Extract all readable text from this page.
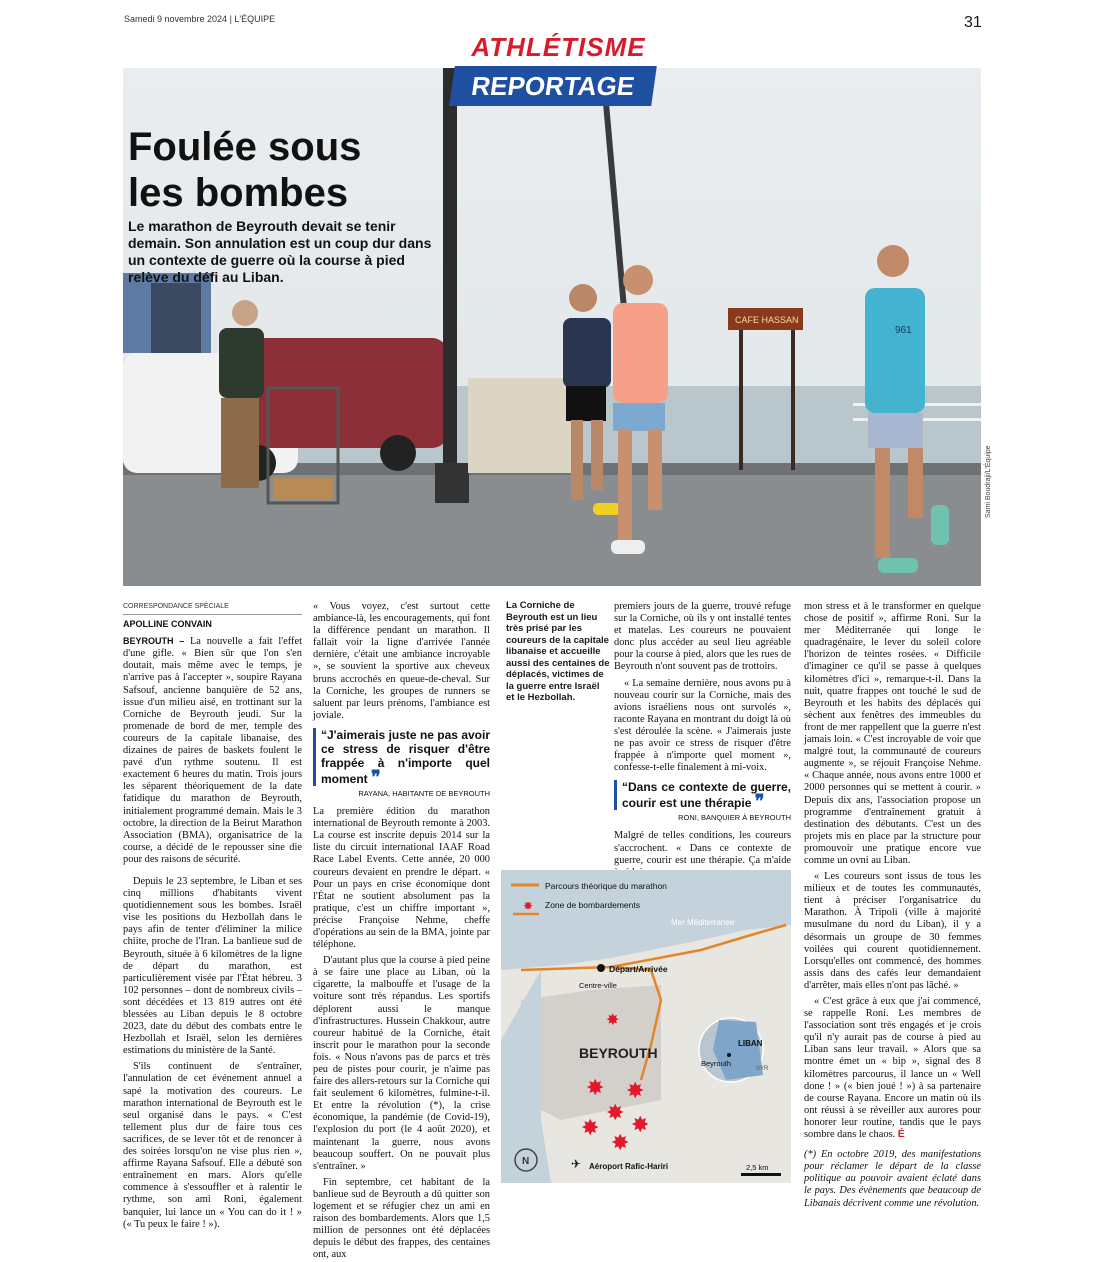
Samedi 9 novembre 2024 | L'ÉQUIPE	31
CAFE HASSAN
961
Sami Boudraji/L'Équipe
ATHLÉTISME
REPORTAGE
Foulée sous
les bombes
Le marathon de Beyrouth devait se tenir demain. Son annulation est un coup dur dans un contexte de guerre où la course à pied relève du défi au Liban.
CORRESPONDANCE SPÉCIALE
APOLLINE CONVAIN

BEYROUTH – La nouvelle a fait l'effet d'une gifle. « Bien sûr que l'on s'en doutait, mais même avec le temps, je n'arrive pas à l'accepter », soupire Rayana Safsouf, ancienne banquière de 52 ans, issue d'un milieu aisé, en trottinant sur la Corniche de Beyrouth jeudi. Sur la promenade de bord de mer, temple des coureurs de la capitale libanaise, des dizaines de paires de baskets foulent le pavé d'un rythme soutenu. Il est exactement 6 heures du matin. Trois jours les séparent théoriquement de la date fatidique du marathon de Beyrouth, initialement programmé demain. Mais le 3 octobre, la direction de la Beirut Marathon Association (BMA), organisatrice de la course, a décidé de le repousser sine die pour des raisons de sécurité.

Depuis le 23 septembre, le Liban et ses cinq millions d'habitants vivent quotidiennement sous les bombes. Israël vise les positions du Hezbollah dans le pays afin de tenter d'éliminer la milice chiite, proche de l'Iran. La banlieue sud de Beyrouth, située à 6 kilomètres de la ligne de départ du marathon, est particulièrement visée par l'État hébreu. 3 102 personnes – dont de nombreux civils – sont décédées et 13 819 autres ont été blessées au Liban depuis le 8 octobre 2023, date du début des combats entre le Hezbollah et Israël, selon les dernières estimations du ministère de la Santé.

S'ils continuent de s'entraîner, l'annulation de cet événement annuel a sapé la motivation des coureurs. Le marathon international de Beyrouth est le seul organisé dans le pays. « C'est tellement plus dur de faire tous ces sacrifices, de se lever tôt et de renoncer à des soirées lorsqu'on ne vise plus rien », affirme Rayana Safsouf. Elle a débuté son entraînement en mars. Alors qu'elle commence à s'essouffler et à ralentir le rythme, son ami Roni, également banquier, lui lance un « You can do it ! » (« Tu peux le faire ! »).

« Vous voyez, c'est surtout cette ambiance-là, les encouragements, qui font la différence pendant un marathon. Il fallait voir la ligne d'arrivée l'année dernière, c'était une ambiance incroyable », se souvient la sportive aux cheveux bruns accrochés en queue-de-cheval. Sur la Corniche, les groupes de runners se saluent par leurs prénoms, l'ambiance est joviale.

“J'aimerais juste ne pas avoir ce stress de risquer d'être frappée à n'importe quel moment ❞
RAYANA, HABITANTE DE BEYROUTH

La première édition du marathon international de Beyrouth remonte à 2003. La course est inscrite depuis 2014 sur la liste du circuit international IAAF Road Race Label Events. Cette année, 20 000 coureurs devaient en prendre le départ. « Pour un pays en crise économique dont l'État ne soutient absolument pas la pratique, c'est un chiffre important », précise Françoise Nehme, cheffe d'opérations au sein de la BMA, jointe par téléphone.

D'autant plus que la course à pied peine à se faire une place au Liban, où la cigarette, la malbouffe et l'usage de la voiture sont très répandus. Les sportifs déplorent aussi le manque d'infrastructures. Hussein Chakkour, autre coureur habitué de la Corniche, était inscrit pour le marathon pour la seconde fois. « Nous n'avons pas de parcs et très peu de pistes pour courir, je n'aime pas faire des allers-retours sur la Corniche qui fait seulement 6 kilomètres, fulmine-t-il. Et entre la révolution (*), la crise économique, la pandémie (de Covid-19), l'explosion du port (le 4 août 2020), et maintenant la guerre, nous avons beaucoup souffert. On ne pouvait plus s'entraîner. »

Fin septembre, cet habitant de la banlieue sud de Beyrouth a dû quitter son logement et se réfugier chez un ami en raison des bombardements. Alors que 1,5 million de personnes ont été déplacées depuis le début des frappes, des centaines ont, aux

La Corniche de Beyrouth est un lieu très prisé par les coureurs de la capitale libanaise et accueille aussi des centaines de déplacés, victimes de la guerre entre Israël et le Hezbollah.

premiers jours de la guerre, trouvé refuge sur la Corniche, où ils y ont installé tentes et matelas. Les coureurs ne pouvaient donc plus accéder au seul lieu agréable pour la course à pied, alors que les rues de Beyrouth n'ont souvent pas de trottoirs.

« La semaine dernière, nous avons pu à nouveau courir sur la Corniche, mais des avions israéliens nous ont survolés », raconte Rayana en montrant du doigt là où s'est déroulée la scène. « J'aimerais juste ne pas avoir ce stress de risquer d'être frappée à n'importe quel moment », confesse-t-elle finalement à mi-voix.

“Dans ce contexte de guerre, courir est une thérapie ❞
RONI, BANQUIER À BEYROUTH

Malgré de telles conditions, les coureurs s'accrochent. « Dans ce contexte de guerre, courir est une thérapie. Ça m'aide

Parcours théorique du marathon
✸ Zone de bombardements
Mer Méditerranée
Départ/Arrivée
Centre-ville
BEYROUTH
✸
✸ ✸
✸ ✸
✸
✸
Beyrouth
LIBAN
SYR
N	✈ Aéroport Rafic-Hariri	2,5 km

mon stress et à le transformer en quelque chose de positif », affirme Roni. Sur la mer Méditerranée qui longe le quadragénaire, le lever du soleil colore l'horizon de teintes rosées. « Difficile d'imaginer ce qu'il se passe à quelques kilomètres d'ici », remarque-t-il. Dans la nuit, quatre frappes ont touché le sud de Beyrouth et les habits des déplacés qui sèchent aux fenêtres des immeubles du front de mer rappellent que la guerre n'est jamais loin. « C'est incroyable de voir que malgré tout, la communauté de coureurs augmente », se réjouit Françoise Nehme. « Chaque année, nous avons entre 1000 et 2000 personnes qui se mettent à courir. » Depuis dix ans, l'association propose un programme d'entraînement gratuit à destination des débutants. C'est un des projets mis en place par la structure pour promouvoir une pratique encore vue comme un ovni au Liban.

« Les coureurs sont issus de tous les milieux et de toutes les communautés, tient à préciser l'organisatrice du Marathon. À Tripoli (ville à majorité musulmane du nord du Liban), il y a désormais un groupe de 30 femmes voilées qui courent quotidiennement. Lorsqu'elles ont commencé, des hommes assis dans des cafés leur demandaient d'arrêter, mais elles n'ont pas lâché. »

« C'est grâce à eux que j'ai commencé, se rappelle Roni. Les membres de l'association sont très engagés et je crois qu'il n'y aurait pas de course à pied au Liban sans leur travail. » Alors que sa montre émet un « bip », signal des 8 kilomètres parcourus, il lance un « Well done ! » (« bien joué ! ») à sa partenaire de course Rayana. Encore un matin où ils ont réussi à se réveiller aux aurores pour honorer leur routine, tandis que le pays sombre dans le chaos. É

(*) En octobre 2019, des manifestations pour réclamer le départ de la classe politique au pouvoir avaient éclaté dans le pays. Des évènements que beaucoup de Libanais décrivent comme une révolution.
